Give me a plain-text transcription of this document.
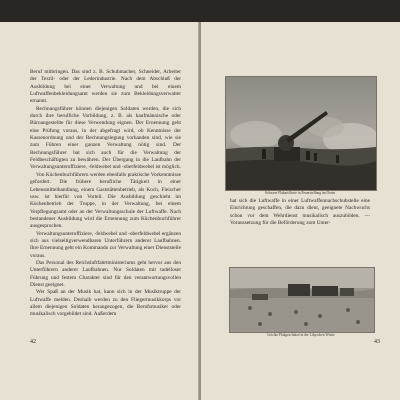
Beruf mitbringen. Das sind z. B. Schuhmacher, Schneider, Arbeiter der Textil- oder der Lederindustrie. Nach dem Abschluß der Ausbildung bei einer Verwaltung und bei einem Luftwaffenbekleidungsamt werden sie zum Bekleidungsverwalter ernannt.

Rechnungsführer können diejenigen Soldaten werden, die sich durch ihre berufliche Vorbildung, z. B. als kaufmännische oder Büroangestellte für diese Verwendung eignen. Der Ernennung geht eine Prüfung voraus, in der abgefragt wird, ob Kenntnisse der Kassenordnung und der Rechnungslegung vorhanden sind, wie sie zum Führen einer ganzen Verwaltung nötig sind. Der Rechnungsführer hat sich auch für die Verwaltung der Feldbeschäftigten zu bewähren. Der Übergang in die Laufbahn der Verwaltungsunteroffiziere, -feldwebel und -oberfeldwebel ist möglich.

Von Küchenbuchführern werden ebenfalls praktische Vorkenntnisse gefordert. Die frühere berufliche Tätigkeit in einer Lebensmittelhandlung, einem Gaststättenbetrieb, als Koch, Fleischer usw. ist hierfür von Vorteil. Die Ausbildung geschieht im Küchenbetrieb der Truppe, in der Verwaltung, bei einem Verpflegungsamt oder an der Verwaltungsschule der Luftwaffe. Nach bestandener Ausbildung wird die Ernennung zum Küchenbuchführer ausgesprochen.

Verwaltungsunteroffiziere, -feldwebel und -oberfeldwebel ergänzen sich aus vielseitigverwendbaren Unterführern anderer Laufbahnen. Ihre Ernennung geht ein Kommando zur Verwaltung einer Dienststelle voraus.

Das Personal des Reichsluftfahrtministeriums geht hervor aus den Unterführern anderer Laufbahnen. Nur Soldaten mit tadelloser Führung und festem Charakter sind für den verantwortungsvollen Dienst geeignet.

Wer Spaß an der Musik hat, kann sich in der Musiktruppe der Luftwaffe melden. Deshalb werden zu den Fliegermusikkorps vor allem diejenigen Soldaten herangezogen, die Berufsmusiker oder musikalisch vorgebildet sind. Außerdem

42
Schwere Flakartillerie in Feuerstellung im Osten

hat sich die Luftwaffe in einer Luftwaffennachschubstelle eine Einrichtung geschaffen, die dazu dient, geeignete Nachwuchs schon vor dem Wehrdienst musikalisch auszubilden. — Voraussetzung für die Beförderung zum Unter-

Leichte Flakgeschütze in der Libyschen Wüste
43
